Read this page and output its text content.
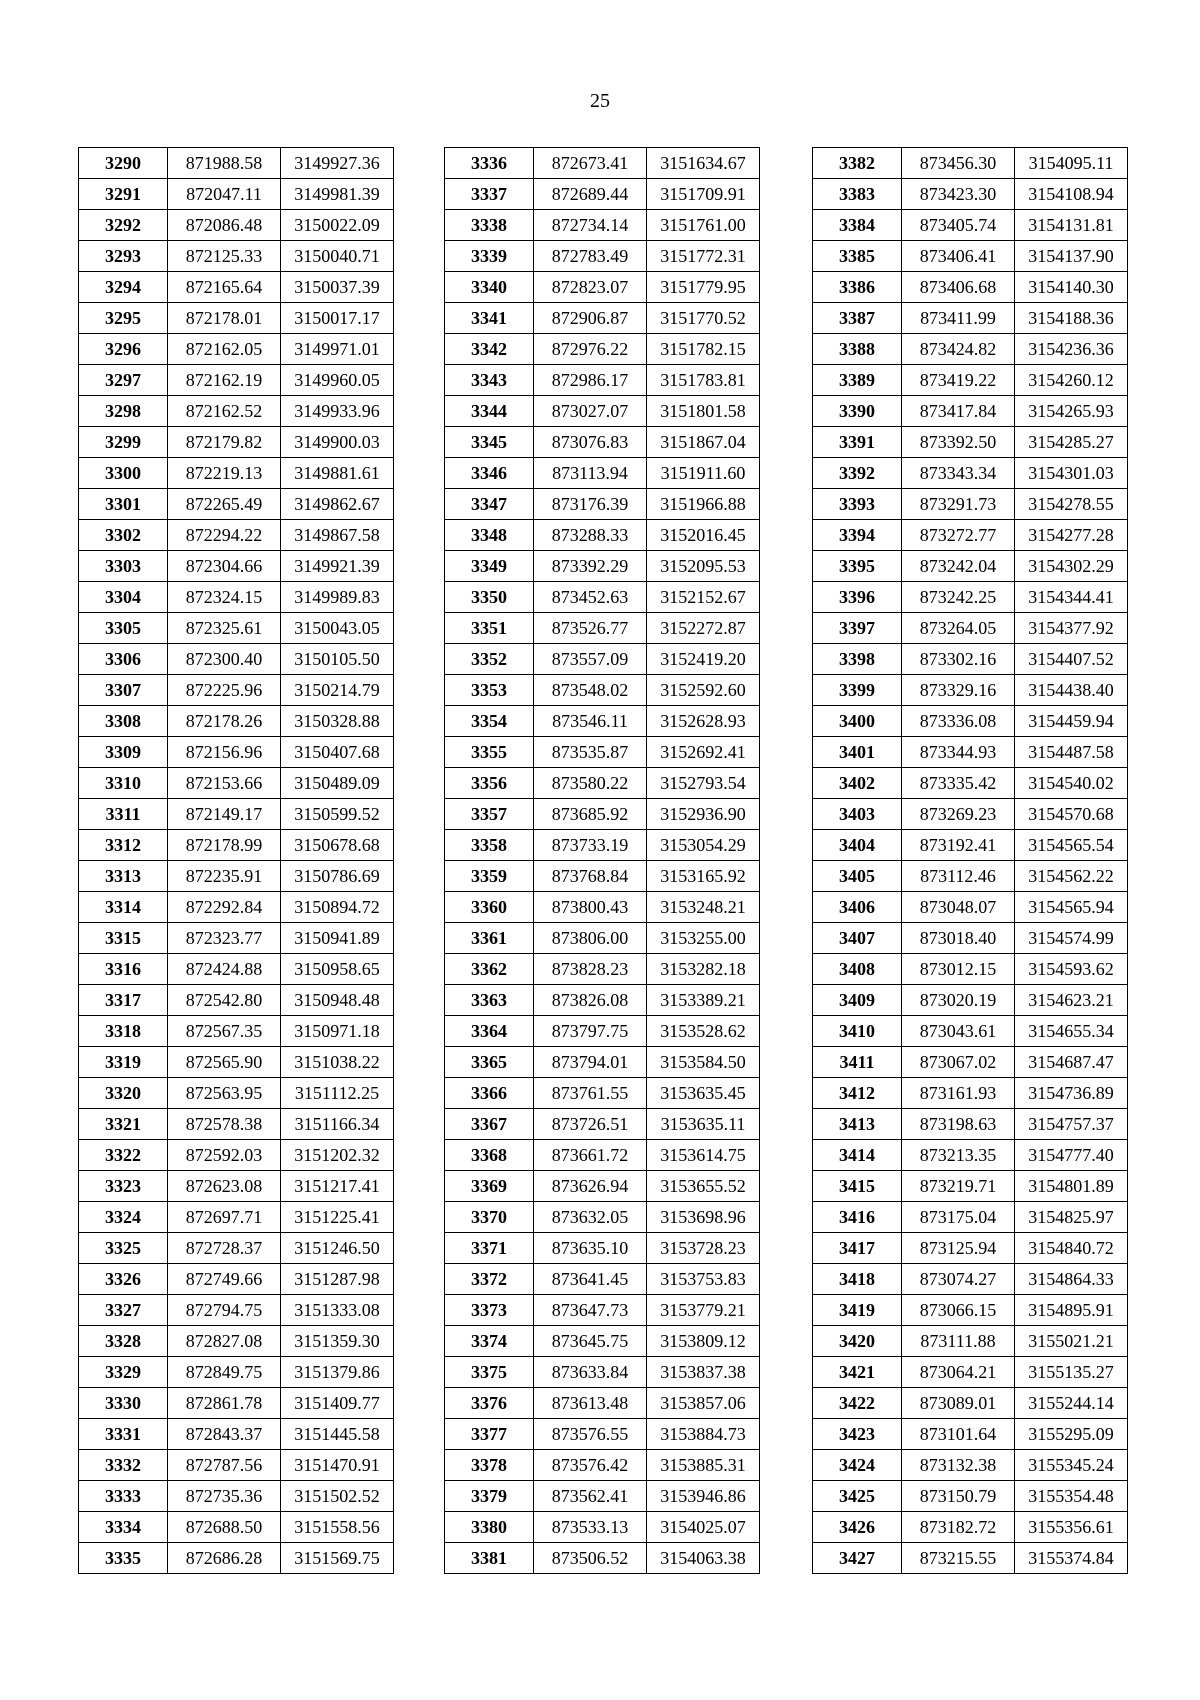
25
3290	871988.58	3149927.36
3291	872047.11	3149981.39
3292	872086.48	3150022.09
3293	872125.33	3150040.71
3294	872165.64	3150037.39
3295	872178.01	3150017.17
3296	872162.05	3149971.01
3297	872162.19	3149960.05
3298	872162.52	3149933.96
3299	872179.82	3149900.03
3300	872219.13	3149881.61
3301	872265.49	3149862.67
3302	872294.22	3149867.58
3303	872304.66	3149921.39
3304	872324.15	3149989.83
3305	872325.61	3150043.05
3306	872300.40	3150105.50
3307	872225.96	3150214.79
3308	872178.26	3150328.88
3309	872156.96	3150407.68
3310	872153.66	3150489.09
3311	872149.17	3150599.52
3312	872178.99	3150678.68
3313	872235.91	3150786.69
3314	872292.84	3150894.72
3315	872323.77	3150941.89
3316	872424.88	3150958.65
3317	872542.80	3150948.48
3318	872567.35	3150971.18
3319	872565.90	3151038.22
3320	872563.95	3151112.25
3321	872578.38	3151166.34
3322	872592.03	3151202.32
3323	872623.08	3151217.41
3324	872697.71	3151225.41
3325	872728.37	3151246.50
3326	872749.66	3151287.98
3327	872794.75	3151333.08
3328	872827.08	3151359.30
3329	872849.75	3151379.86
3330	872861.78	3151409.77
3331	872843.37	3151445.58
3332	872787.56	3151470.91
3333	872735.36	3151502.52
3334	872688.50	3151558.56
3335	872686.28	3151569.75
3336	872673.41	3151634.67
3337	872689.44	3151709.91
3338	872734.14	3151761.00
3339	872783.49	3151772.31
3340	872823.07	3151779.95
3341	872906.87	3151770.52
3342	872976.22	3151782.15
3343	872986.17	3151783.81
3344	873027.07	3151801.58
3345	873076.83	3151867.04
3346	873113.94	3151911.60
3347	873176.39	3151966.88
3348	873288.33	3152016.45
3349	873392.29	3152095.53
3350	873452.63	3152152.67
3351	873526.77	3152272.87
3352	873557.09	3152419.20
3353	873548.02	3152592.60
3354	873546.11	3152628.93
3355	873535.87	3152692.41
3356	873580.22	3152793.54
3357	873685.92	3152936.90
3358	873733.19	3153054.29
3359	873768.84	3153165.92
3360	873800.43	3153248.21
3361	873806.00	3153255.00
3362	873828.23	3153282.18
3363	873826.08	3153389.21
3364	873797.75	3153528.62
3365	873794.01	3153584.50
3366	873761.55	3153635.45
3367	873726.51	3153635.11
3368	873661.72	3153614.75
3369	873626.94	3153655.52
3370	873632.05	3153698.96
3371	873635.10	3153728.23
3372	873641.45	3153753.83
3373	873647.73	3153779.21
3374	873645.75	3153809.12
3375	873633.84	3153837.38
3376	873613.48	3153857.06
3377	873576.55	3153884.73
3378	873576.42	3153885.31
3379	873562.41	3153946.86
3380	873533.13	3154025.07
3381	873506.52	3154063.38
3382	873456.30	3154095.11
3383	873423.30	3154108.94
3384	873405.74	3154131.81
3385	873406.41	3154137.90
3386	873406.68	3154140.30
3387	873411.99	3154188.36
3388	873424.82	3154236.36
3389	873419.22	3154260.12
3390	873417.84	3154265.93
3391	873392.50	3154285.27
3392	873343.34	3154301.03
3393	873291.73	3154278.55
3394	873272.77	3154277.28
3395	873242.04	3154302.29
3396	873242.25	3154344.41
3397	873264.05	3154377.92
3398	873302.16	3154407.52
3399	873329.16	3154438.40
3400	873336.08	3154459.94
3401	873344.93	3154487.58
3402	873335.42	3154540.02
3403	873269.23	3154570.68
3404	873192.41	3154565.54
3405	873112.46	3154562.22
3406	873048.07	3154565.94
3407	873018.40	3154574.99
3408	873012.15	3154593.62
3409	873020.19	3154623.21
3410	873043.61	3154655.34
3411	873067.02	3154687.47
3412	873161.93	3154736.89
3413	873198.63	3154757.37
3414	873213.35	3154777.40
3415	873219.71	3154801.89
3416	873175.04	3154825.97
3417	873125.94	3154840.72
3418	873074.27	3154864.33
3419	873066.15	3154895.91
3420	873111.88	3155021.21
3421	873064.21	3155135.27
3422	873089.01	3155244.14
3423	873101.64	3155295.09
3424	873132.38	3155345.24
3425	873150.79	3155354.48
3426	873182.72	3155356.61
3427	873215.55	3155374.84
